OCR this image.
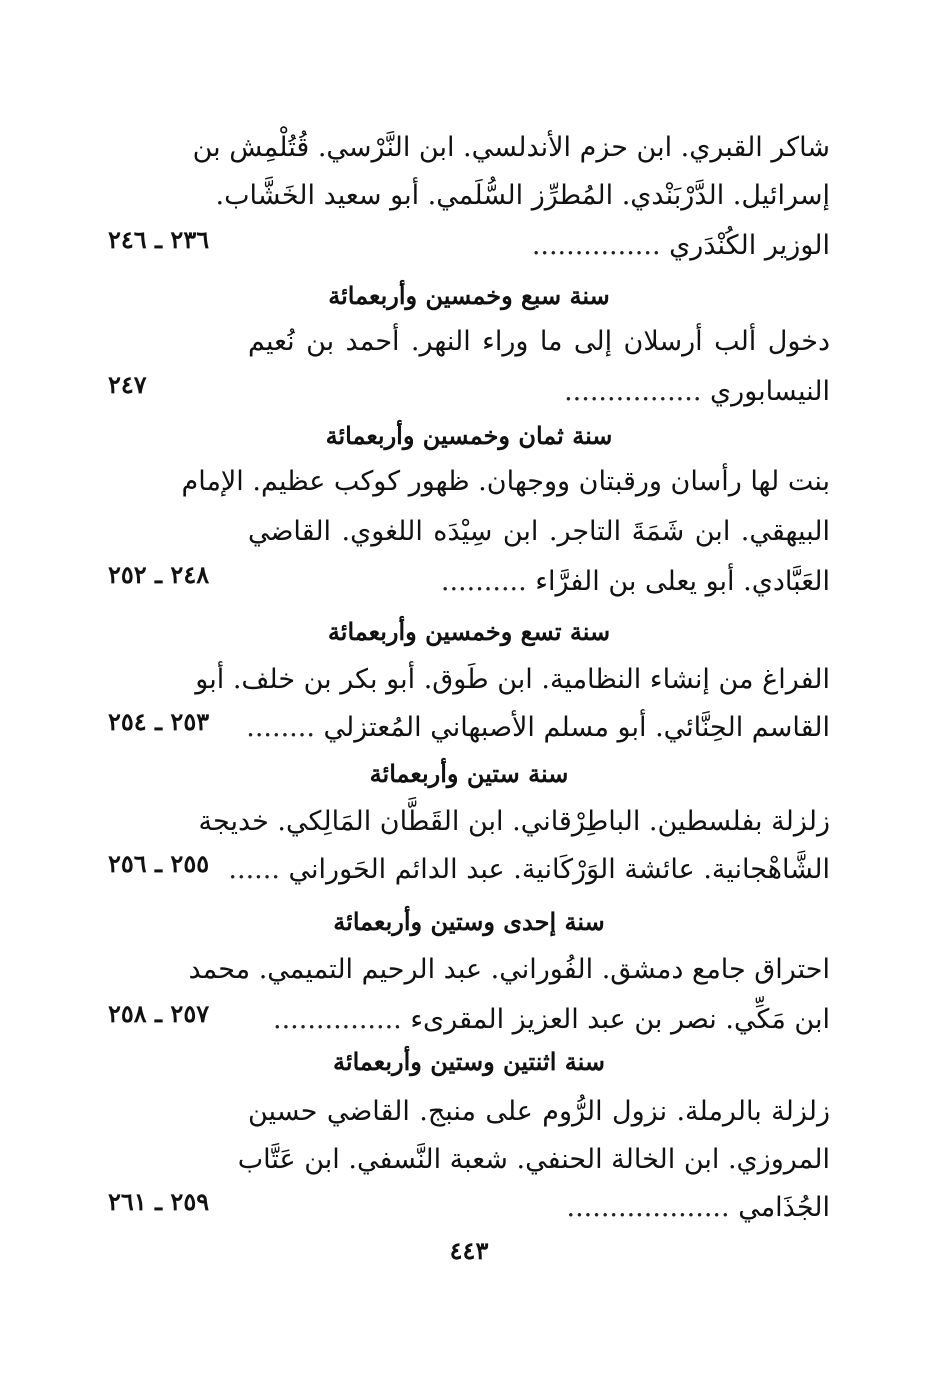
شاكر القبري. ابن حزم الأندلسي. ابن النَّرْسي. قُتُلْمِش بن
إسرائيل. الدَّرْبَنْدي. المُطرِّز السُّلَمي. أبو سعيد الخَشَّاب.
الوزير الكُنْدَري ...............
٢٣٦ ـ ٢٤٦
سنة سبع وخمسين وأربعمائة
دخول ألب أرسلان إلى ما وراء النهر. أحمد بن نُعيم
النيسابوري ................
٢٤٧
سنة ثمان وخمسين وأربعمائة
بنت لها رأسان ورقبتان ووجهان. ظهور كوكب عظيم. الإمام
البيهقي. ابن شَمَةَ التاجر. ابن سِيْدَه اللغوي. القاضي
العَبَّادي. أبو يعلى بن الفرَّاء ..........
٢٤٨ ـ ٢٥٢
سنة تسع وخمسين وأربعمائة
الفراغ من إنشاء النظامية. ابن طَوق. أبو بكر بن خلف. أبو
القاسم الحِنَّائي. أبو مسلم الأصبهاني المُعتزلي ........
٢٥٣ ـ ٢٥٤
سنة ستين وأربعمائة
زلزلة بفلسطين. الباطِرْقاني. ابن القَطَّان المَالِكي. خديجة
الشَّاهْجانية. عائشة الوَرْكَانية. عبد الدائم الحَوراني ......
٢٥٥ ـ ٢٥٦
سنة إحدى وستين وأربعمائة
احتراق جامع دمشق. الفُوراني. عبد الرحيم التميمي. محمد
ابن مَكِّي. نصر بن عبد العزيز المقرىء ...............
٢٥٧ ـ ٢٥٨
سنة اثنتين وستين وأربعمائة
زلزلة بالرملة. نزول الرُّوم على منبج. القاضي حسين
المروزي. ابن الخالة الحنفي. شعبة النَّسفي. ابن عَتَّاب
الجُذَامي ...................
٢٥٩ ـ ٢٦١
٤٤٣
